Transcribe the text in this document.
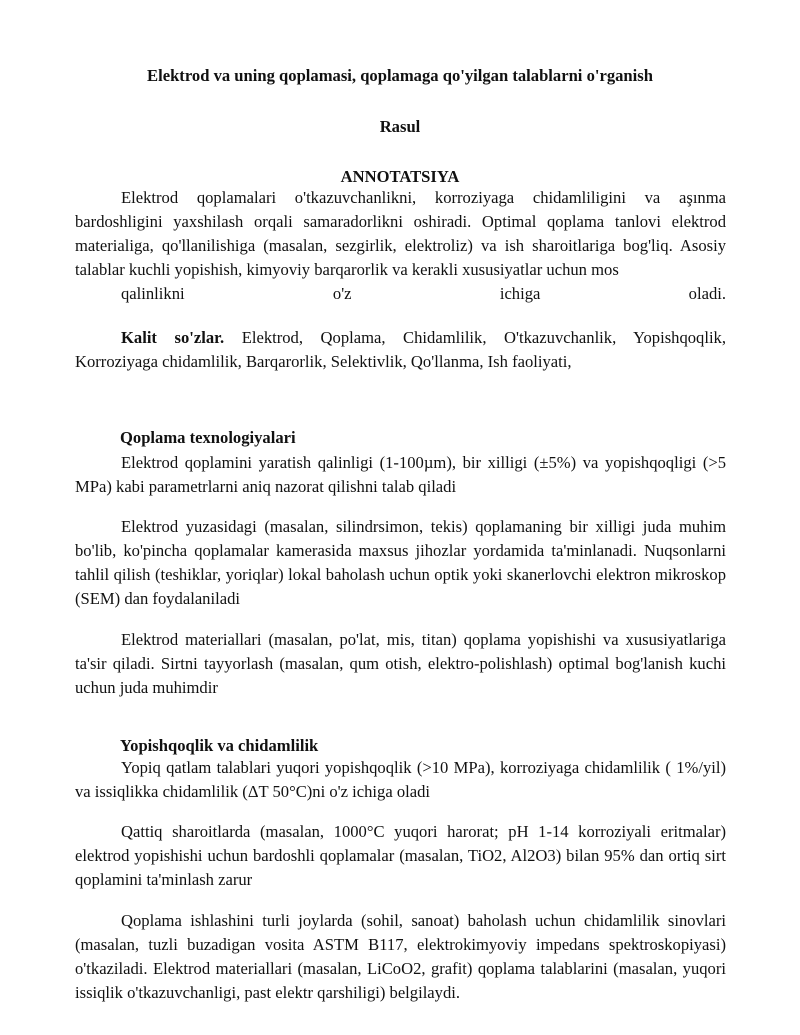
Elektrod va uning qoplamasi, qoplamaga qo'yilgan talablarni o'rganish
Rasul
ANNOTATSIYA

Elektrod qoplamalari o'tkazuvchanlikni, korroziyaga chidamliligini va aşınma bardoshligini yaxshilash orqali samaradorlikni oshiradi. Optimal qoplama tanlovi elektrod materialiga, qo'llanilishiga (masalan, sezgirlik, elektroliz) va ish sharoitlariga bog'liq. Asosiy talablar kuchli yopishish, kimyoviy barqarorlik va kerakli xususiyatlar uchun mos
qalinlikni o'z ichiga oladi.

Kalit so'zlar. Elektrod, Qoplama, Chidamlilik, O'tkazuvchanlik, Yopishqoqlik, Korroziyaga chidamlilik, Barqarorlik, Selektivlik, Qo'llanma, Ish faoliyati,

Qoplama texnologiyalari

Elektrod qoplamini yaratish qalinligi (1-100µm), bir xilligi (±5%) va yopishqoqligi (>5 MPa) kabi parametrlarni aniq nazorat qilishni talab qiladi

Elektrod yuzasidagi (masalan, silindrsimon, tekis) qoplamaning bir xilligi juda muhim bo'lib, ko'pincha qoplamalar kamerasida maxsus jihozlar yordamida ta'minlanadi. Nuqsonlarni tahlil qilish (teshiklar, yoriqlar) lokal baholash uchun optik yoki skanerlovchi elektron mikroskop (SEM) dan foydalaniladi

Elektrod materiallari (masalan, po'lat, mis, titan) qoplama yopishishi va xususiyatlariga ta'sir qiladi. Sirtni tayyorlash (masalan, qum otish, elektro-polishlash) optimal bog'lanish kuchi uchun juda muhimdir

Yopishqoqlik va chidamlilik

Yopiq qatlam talablari yuqori yopishqoqlik (>10 MPa), korroziyaga chidamlilik ( 1%/yil) va issiqlikka chidamlilik (ΔT 50°C)ni o'z ichiga oladi

Qattiq sharoitlarda (masalan, 1000°C yuqori harorat; pH 1-14 korroziyali eritmalar) elektrod yopishishi uchun bardoshli qoplamalar (masalan, TiO2, Al2O3) bilan 95% dan ortiq sirt qoplamini ta'minlash zarur

Qoplama ishlashini turli joylarda (sohil, sanoat) baholash uchun chidamlilik sinovlari (masalan, tuzli buzadigan vosita ASTM B117, elektrokimyoviy impedans spektroskopiyasi) o'tkaziladi. Elektrod materiallari (masalan, LiCoO2, grafit) qoplama talablarini (masalan, yuqori issiqlik o'tkazuvchanligi, past elektr qarshiligi) belgilaydi.
